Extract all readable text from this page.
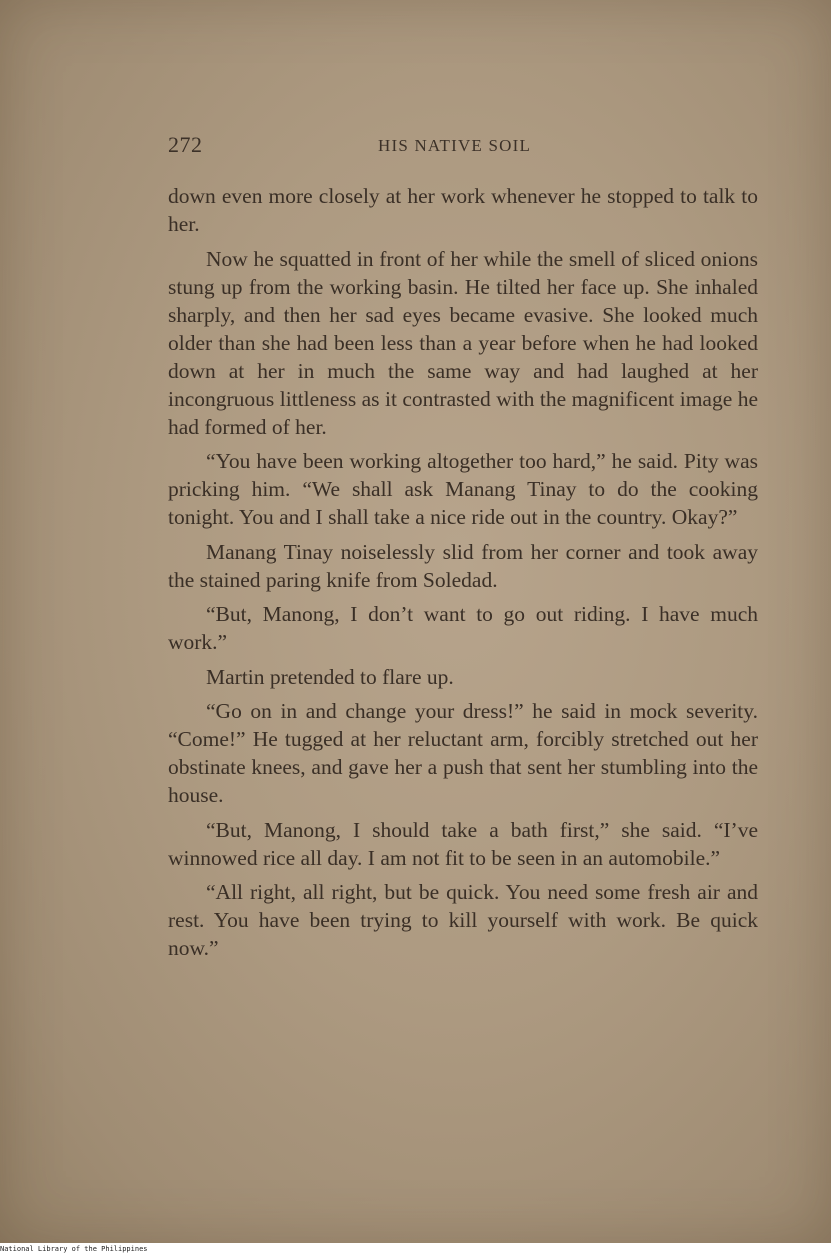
272	HIS NATIVE SOIL

down even more closely at her work whenever he stopped to talk to her.

Now he squatted in front of her while the smell of sliced onions stung up from the working basin. He tilted her face up. She inhaled sharply, and then her sad eyes became evasive. She looked much older than she had been less than a year before when he had looked down at her in much the same way and had laughed at her incongruous littleness as it contrasted with the magnificent image he had formed of her.

“You have been working altogether too hard,” he said. Pity was pricking him. “We shall ask Manang Tinay to do the cooking tonight. You and I shall take a nice ride out in the country. Okay?”

Manang Tinay noiselessly slid from her corner and took away the stained paring knife from Soledad.

“But, Manong, I don’t want to go out riding. I have much work.”

Martin pretended to flare up.

“Go on in and change your dress!” he said in mock severity. “Come!” He tugged at her reluctant arm, forcibly stretched out her obstinate knees, and gave her a push that sent her stumbling into the house.

“But, Manong, I should take a bath first,” she said. “I’ve winnowed rice all day. I am not fit to be seen in an automobile.”

“All right, all right, but be quick. You need some fresh air and rest. You have been trying to kill yourself with work. Be quick now.”

National Library of the Philippines
